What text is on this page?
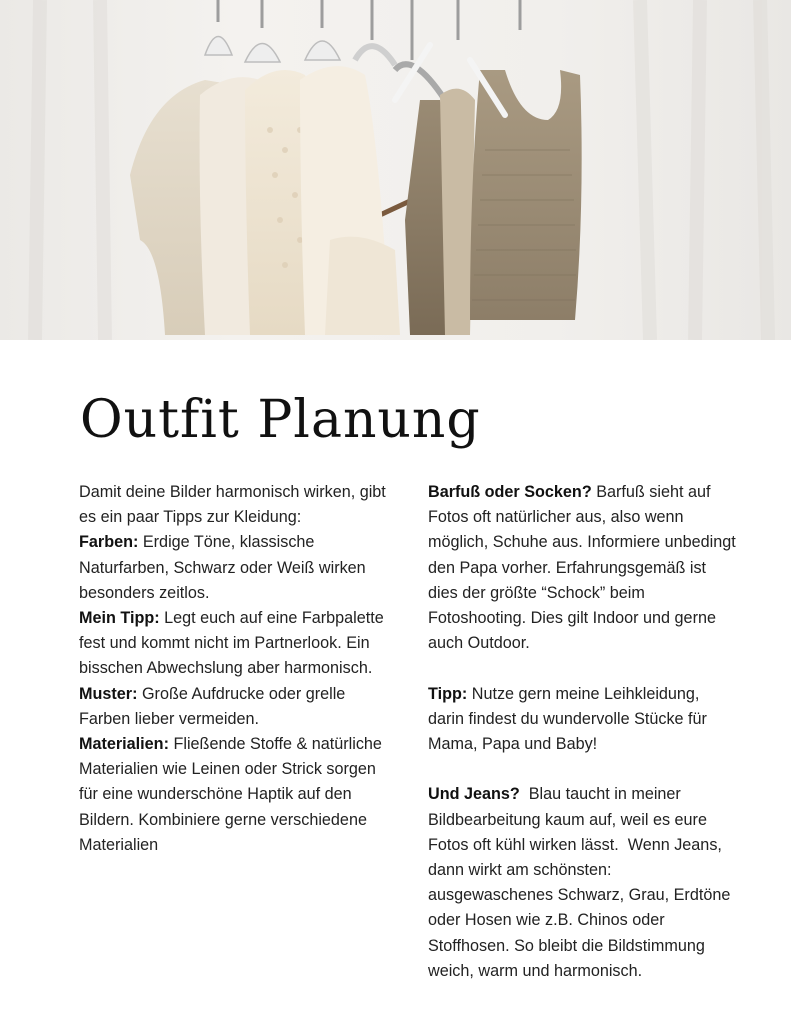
Outfit Planung

Damit deine Bilder harmonisch wirken, gibt es ein paar Tipps zur Kleidung:

Farben: Erdige Töne, klassische Naturfarben, Schwarz oder Weiß wirken besonders zeitlos.

Mein Tipp: Legt euch auf eine Farbpalette fest und kommt nicht im Partnerlook. Ein bisschen Abwechslung aber harmonisch.

Muster: Große Aufdrucke oder grelle Farben lieber vermeiden.

Materialien: Fließende Stoffe & natürliche Materialien wie Leinen oder Strick sorgen für eine wunderschöne Haptik auf den Bildern. Kombiniere gerne verschiedene Materialien

Barfuß oder Socken? Barfuß sieht auf Fotos oft natürlicher aus, also wenn möglich, Schuhe aus. Informiere unbedingt den Papa vorher. Erfahrungsgemäß ist dies der größte “Schock” beim Fotoshooting. Dies gilt Indoor und gerne auch Outdoor.

Tipp: Nutze gern meine Leihkleidung, darin findest du wundervolle Stücke für Mama, Papa und Baby!

Und Jeans?  Blau taucht in meiner Bildbearbeitung kaum auf, weil es eure Fotos oft kühl wirken lässt.  Wenn Jeans, dann wirkt am schönsten: ausgewaschenes Schwarz, Grau, Erdtöne oder Hosen wie z.B. Chinos oder Stoffhosen. So bleibt die Bildstimmung weich, warm und harmonisch.
